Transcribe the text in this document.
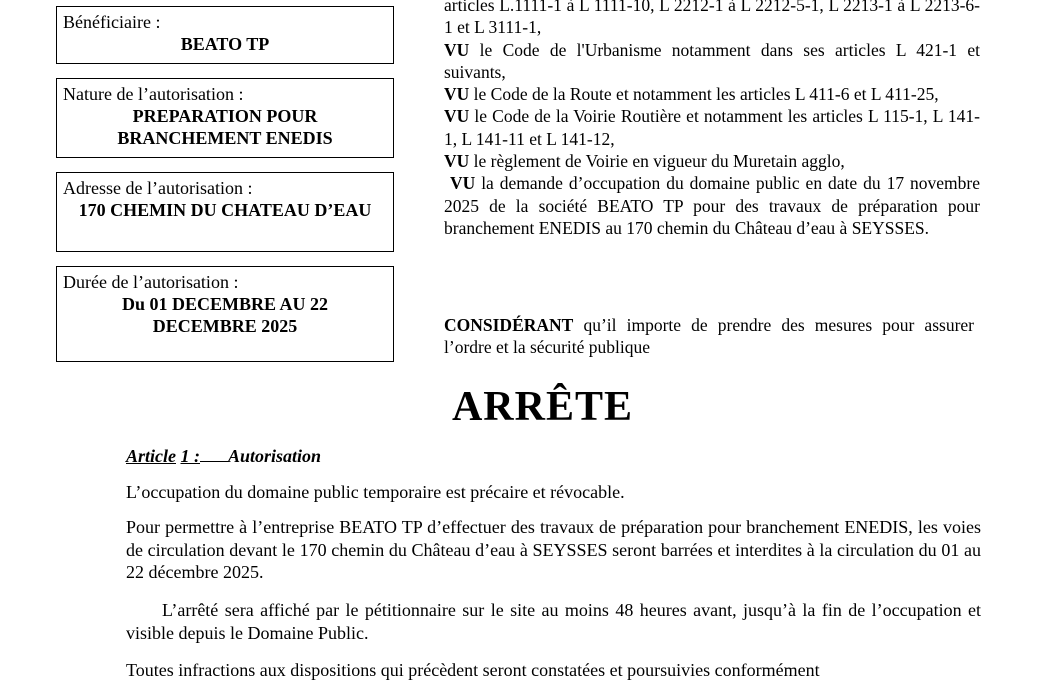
Bénéficiaire :
BEATO TP
Nature de l’autorisation :
PREPARATION POUR BRANCHEMENT ENEDIS
Adresse de l’autorisation :
170 CHEMIN DU CHATEAU D’EAU
Durée de l’autorisation :
Du 01 DECEMBRE AU 22 DECEMBRE 2025

articles L.1111-1 à L 1111-10, L 2212-1 à L 2212-5-1, L 2213-1 à L 2213-6-1 et L 3111-1,

VU le Code de l'Urbanisme notamment dans ses articles L 421-1 et suivants,

VU le Code de la Route et notamment les articles L 411-6 et L 411-25,

VU le Code de la Voirie Routière et notamment les articles L 115-1, L 141-1, L 141-11 et L 141-12,

VU le règlement de Voirie en vigueur du Muretain agglo,

VU la demande d’occupation du domaine public en date du 17 novembre 2025 de la société BEATO TP pour des travaux de préparation pour branchement ENEDIS au 170 chemin du Château d’eau à SEYSSES.

CONSIDÉRANT qu’il importe de prendre des mesures pour assurer l’ordre et la sécurité publique

ARRÊTE

Article 1 : Autorisation

L’occupation du domaine public temporaire est précaire et révocable.

Pour permettre à l’entreprise BEATO TP d’effectuer des travaux de préparation pour branchement ENEDIS, les voies de circulation devant le 170 chemin du Château d’eau à SEYSSES seront barrées et interdites à la circulation du 01 au 22 décembre 2025.

L’arrêté sera affiché par le pétitionnaire sur le site au moins 48 heures avant, jusqu’à la fin de l’occupation et visible depuis le Domaine Public.

Toutes infractions aux dispositions qui précèdent seront constatées et poursuivies conformément
